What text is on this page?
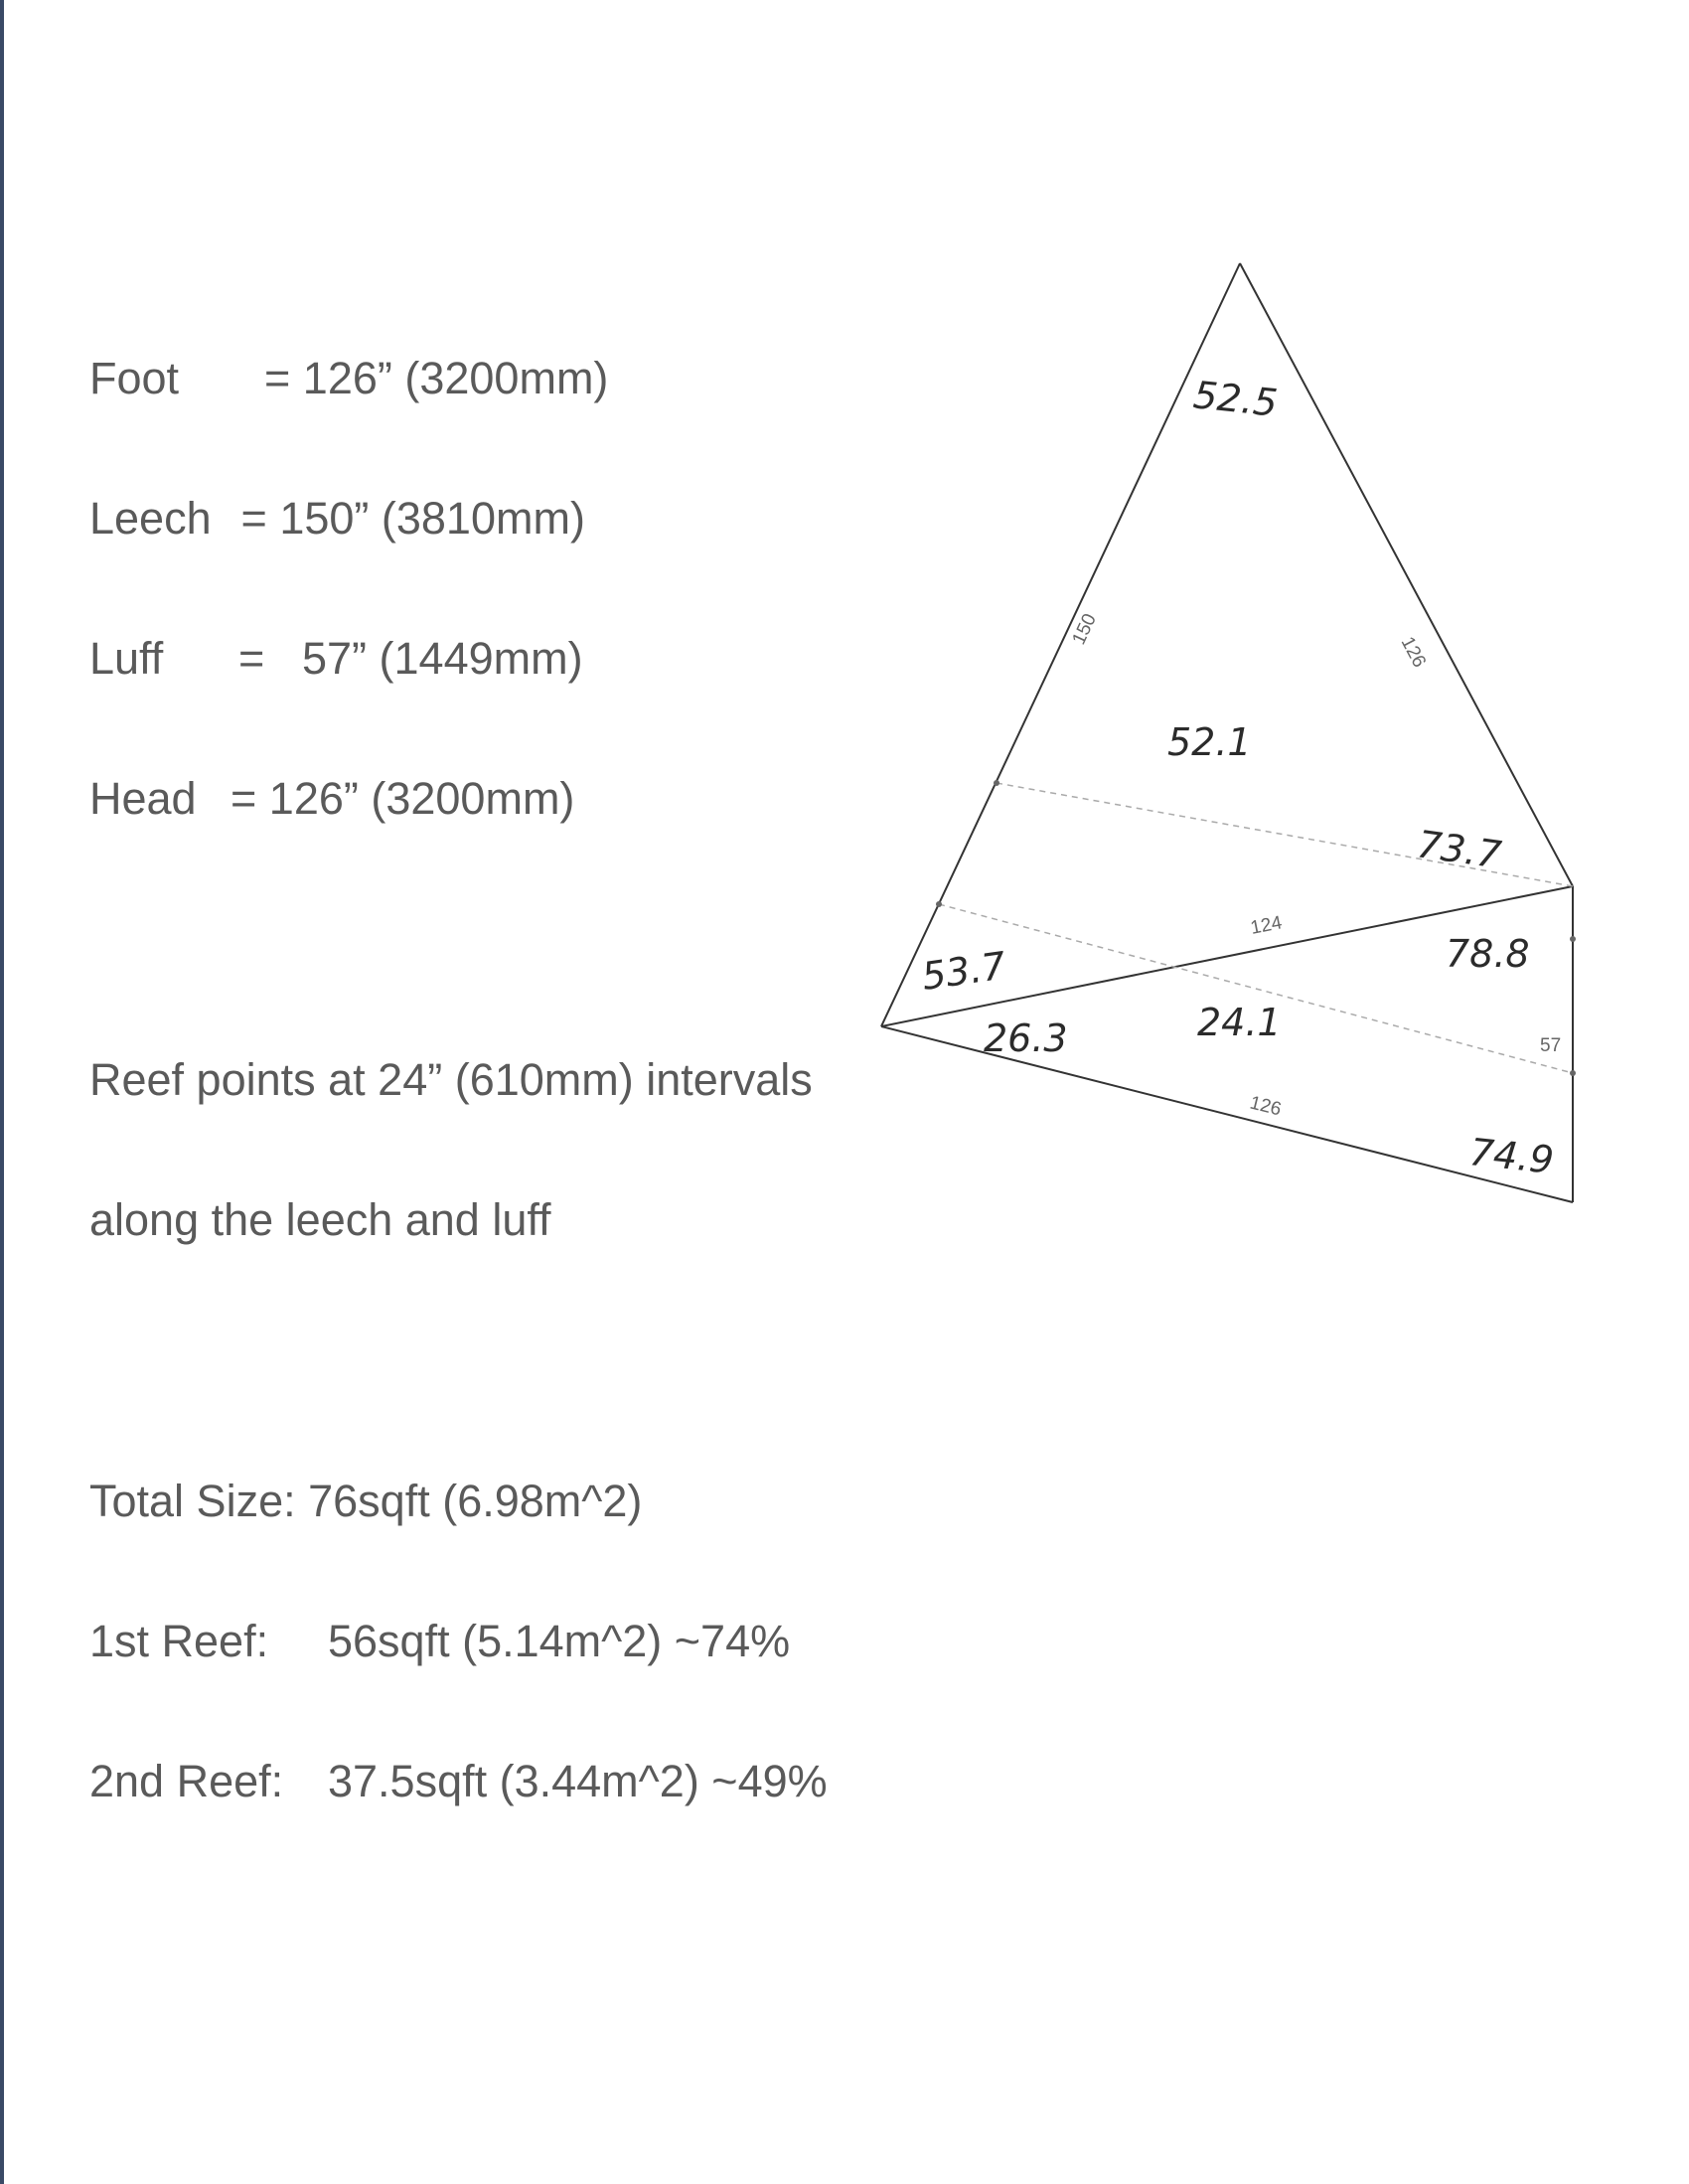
Foot = 126” (3200mm)

Leech = 150” (3810mm)

Luff = 57” (1449mm)

Head = 126” (3200mm)

Reef points at 24” (610mm) intervals

along the leech and luff

Total Size: 76sqft (6.98m^2)

1st Reef: 56sqft (5.14m^2) ~74%

2nd Reef: 37.5sqft (3.44m^2) ~49%

150
126
124
57
126
52.5
52.1
73.7
78.8
53.7
26.3	24.1
74.9
